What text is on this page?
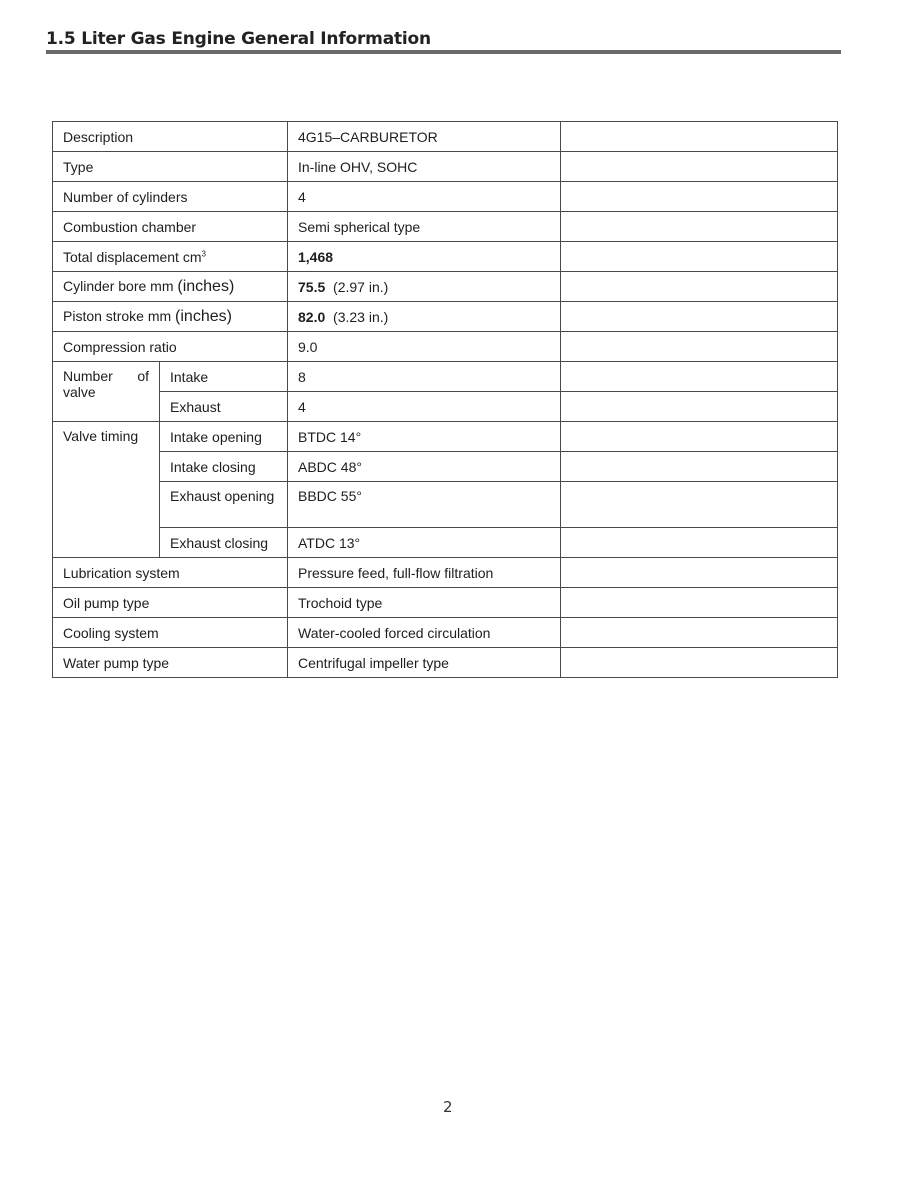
1.5 Liter Gas Engine General Information
Description		4G15–CARBURETOR	
Type		In-line OHV, SOHC	
Number of cylinders		4	
Combustion chamber		Semi spherical type	
Total displacement $cm^3$		1,468	
Cylinder bore mm (inches)		75.5 (2.97 in.)	
Piston stroke mm (inches)		82.0 (3.23 in.)	
Compression ratio		9.0	
Number of valve	Intake	8	
	Exhaust	4	
Valve timing	Intake opening	BTDC 14°	
	Intake closing	ABDC 48°	
	Exhaust opening	BBDC 55°	
	Exhaust closing	ATDC 13°	
Lubrication system		Pressure feed, full-flow filtration	
Oil pump type		Trochoid type	
Cooling system		Water-cooled forced circulation	
Water pump type		Centrifugal impeller type	
2
